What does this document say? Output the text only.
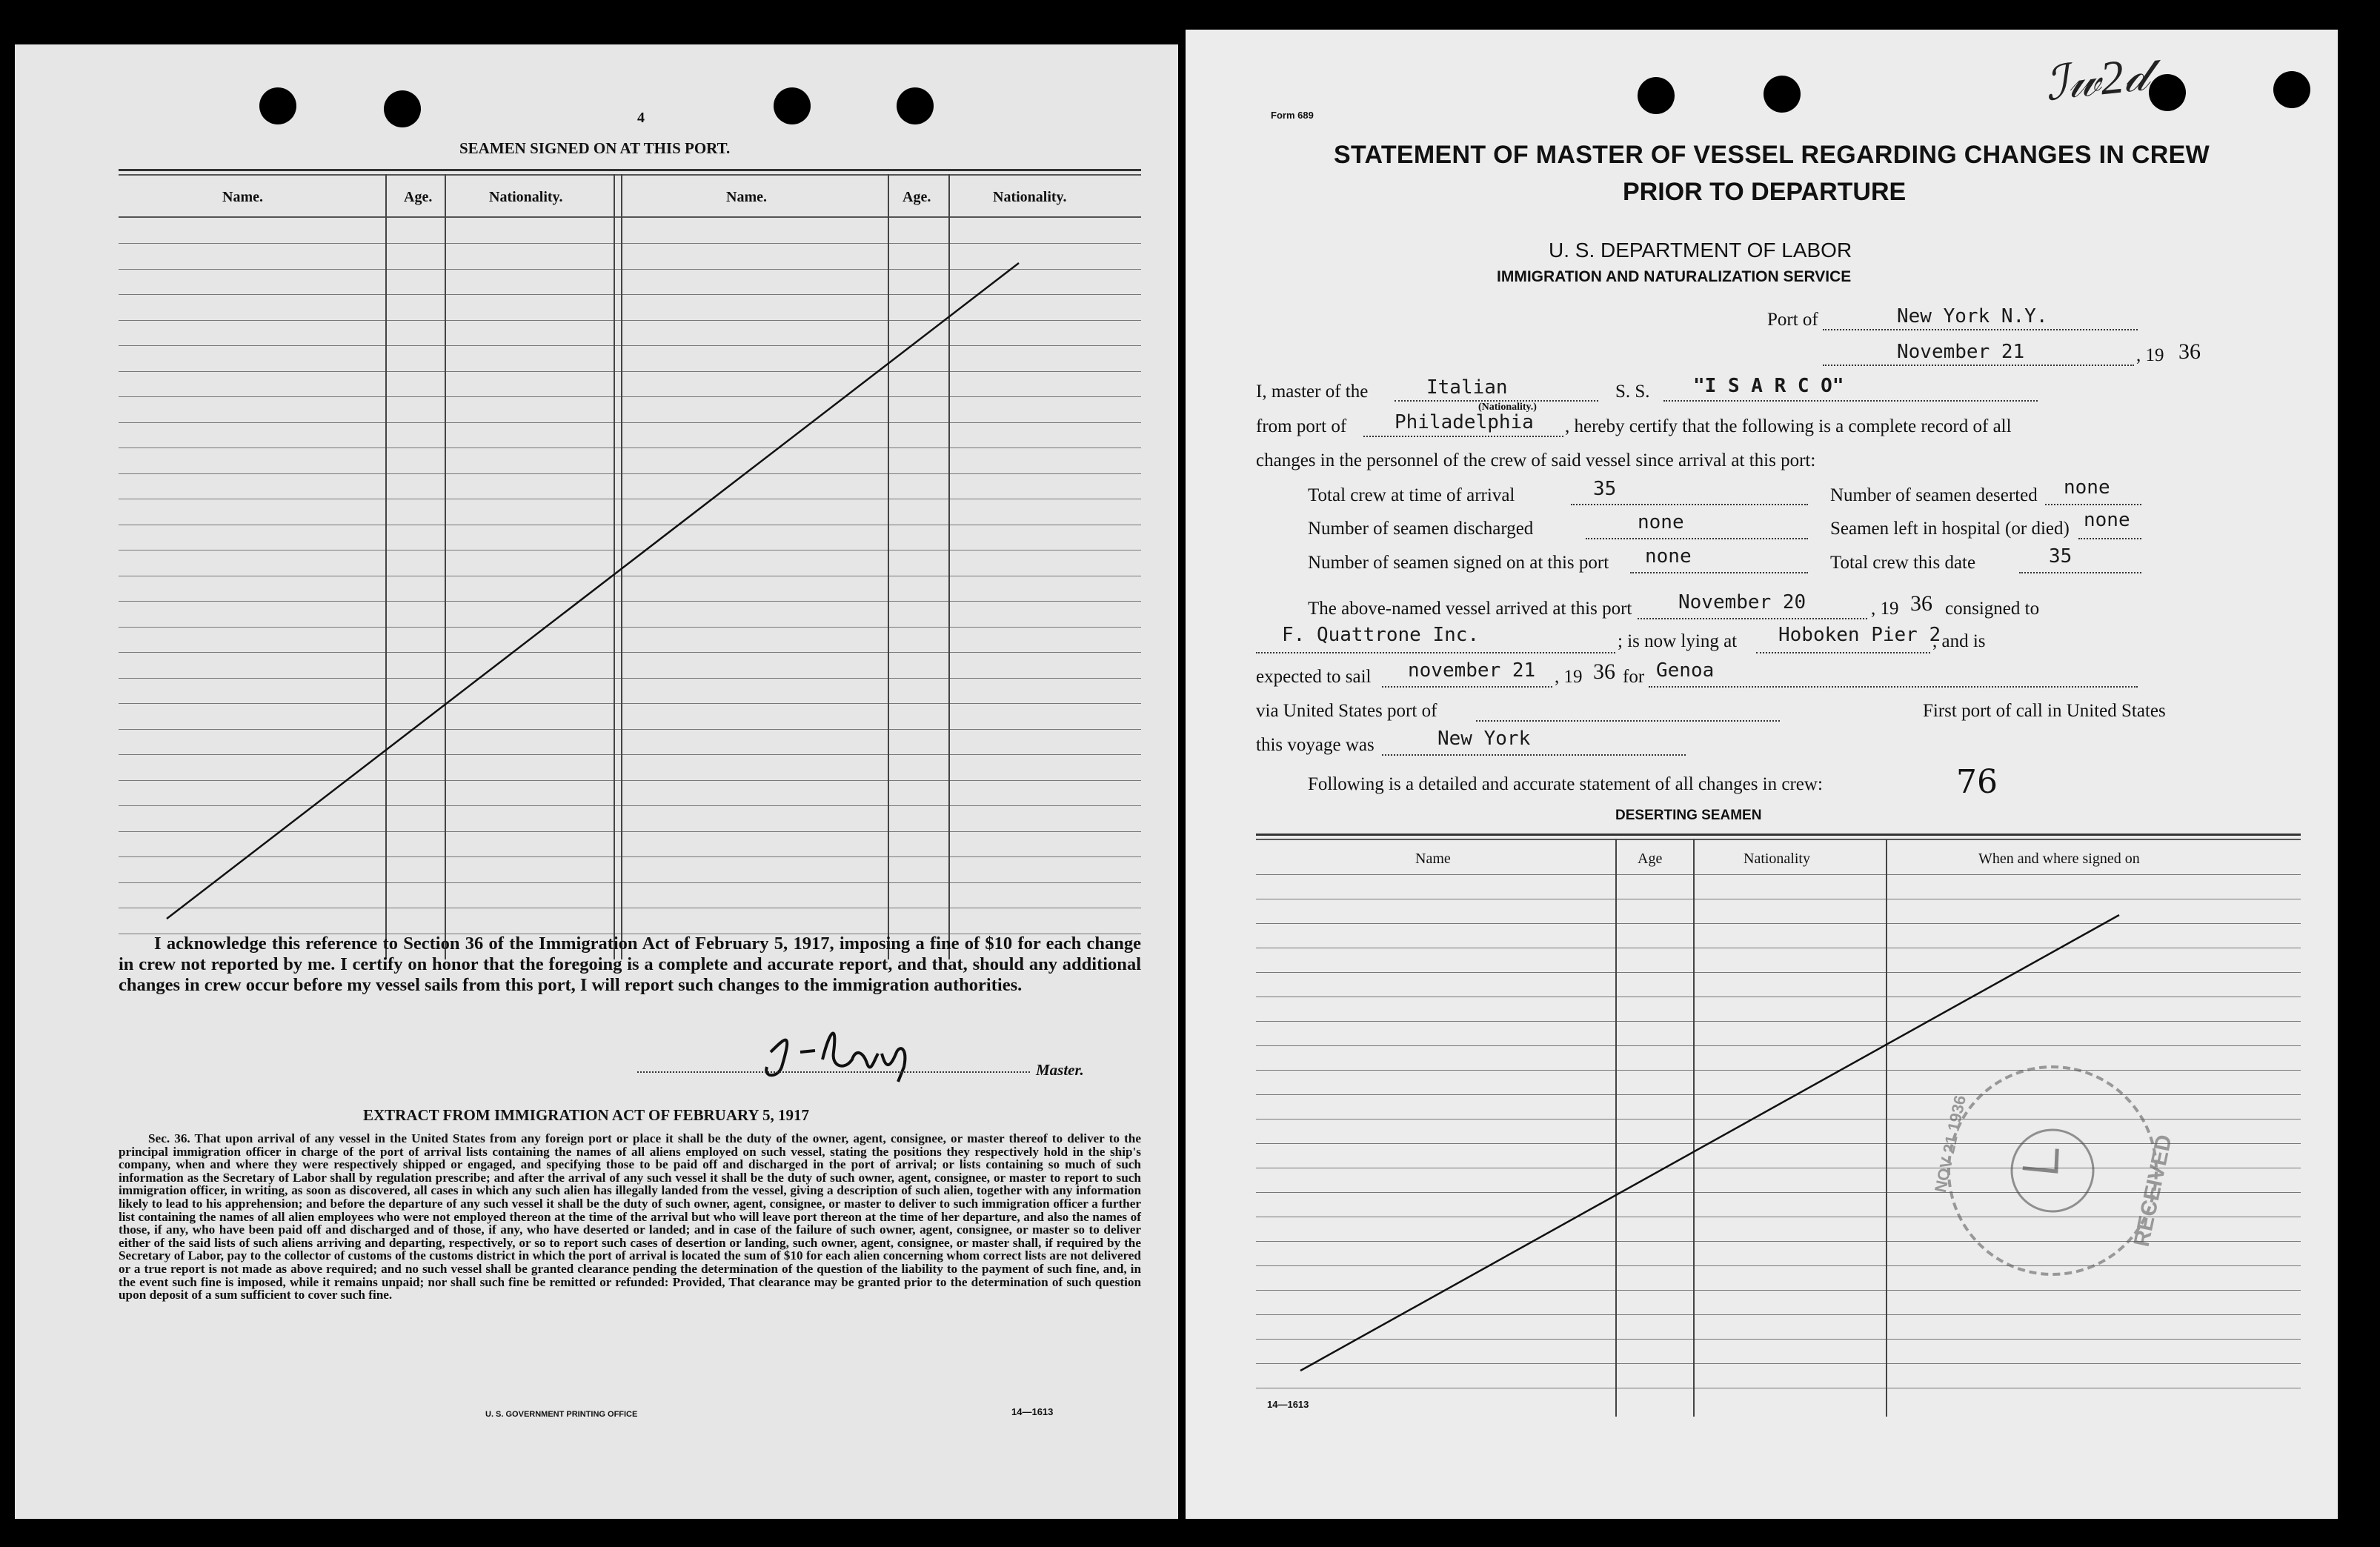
4
SEAMEN SIGNED ON AT THIS PORT.
Name.	Age.	Nationality.	Name.	Age.	Nationality.
I acknowledge this reference to Section 36 of the Immigration Act of February 5, 1917, imposing a fine of $10 for each change in crew not reported by me. I certify on honor that the foregoing is a complete and accurate report, and that, should any additional changes in crew occur before my vessel sails from this port, I will report such changes to the immigration authorities.
Master.
EXTRACT FROM IMMIGRATION ACT OF FEBRUARY 5, 1917
Sec. 36. That upon arrival of any vessel in the United States from any foreign port or place it shall be the duty of the owner, agent, consignee, or master thereof to deliver to the principal immigration officer in charge of the port of arrival lists containing the names of all aliens employed on such vessel, stating the positions they respectively hold in the ship's company, when and where they were respectively shipped or engaged, and specifying those to be paid off and discharged in the port of arrival; or lists containing so much of such information as the Secretary of Labor shall by regulation prescribe; and after the arrival of any such vessel it shall be the duty of such owner, agent, consignee, or master to report to such immigration officer, in writing, as soon as discovered, all cases in which any such alien has illegally landed from the vessel, giving a description of such alien, together with any information likely to lead to his apprehension; and before the departure of any such vessel it shall be the duty of such owner, agent, consignee, or master to deliver to such immigration officer a further list containing the names of all alien employees who were not employed thereon at the time of the arrival but who will leave port thereon at the time of her departure, and also the names of those, if any, who have been paid off and discharged and of those, if any, who have deserted or landed; and in case of the failure of such owner, agent, consignee, or master so to deliver either of the said lists of such aliens arriving and departing, respectively, or so to report such cases of desertion or landing, such owner, agent, consignee, or master shall, if required by the Secretary of Labor, pay to the collector of customs of the customs district in which the port of arrival is located the sum of $10 for each alien concerning whom correct lists are not delivered or a true report is not made as above required; and no such vessel shall be granted clearance pending the determination of the question of the liability to the payment of such fine, and, in the event such fine is imposed, while it remains unpaid; nor shall such fine be remitted or refunded: Provided, That clearance may be granted prior to the determination of such question upon deposit of a sum sufficient to cover such fine.
U. S. GOVERNMENT PRINTING OFFICE	14—1613
Form 689
ℐ𝓌2𝒹
STATEMENT OF MASTER OF VESSEL REGARDING CHANGES IN CREW
PRIOR TO DEPARTURE
U. S. DEPARTMENT OF LABOR
IMMIGRATION AND NATURALIZATION SERVICE
Port of	New York N.Y.
November 21	, 19 36
I, master of the	Italian
(Nationality.)
S. S. "I S A R C O"
from port of Philadelphia , hereby certify that the following is a complete record of all
changes in the personnel of the crew of said vessel since arrival at this port:
Total crew at time of arrival	35	Number of seamen deserted none
Number of seamen discharged	none	Seamen left in hospital (or died) none
Number of seamen signed on at this port none	Total crew this date	35
The above-named vessel arrived at this port November 20	, 19 36 consigned to
F. Quattrone Inc.	; is now lying at Hoboken Pier 2
, and is
expected to sail november 21 , 19 36 for Genoa
via United States port of	First port of call in United States
this voyage was	New York
Following is a detailed and accurate statement of all changes in crew:	76
DESERTING SEAMEN
Name	Age	Nationality	When and where signed on
RECEIVED
NOV 21 1936
14—1613
